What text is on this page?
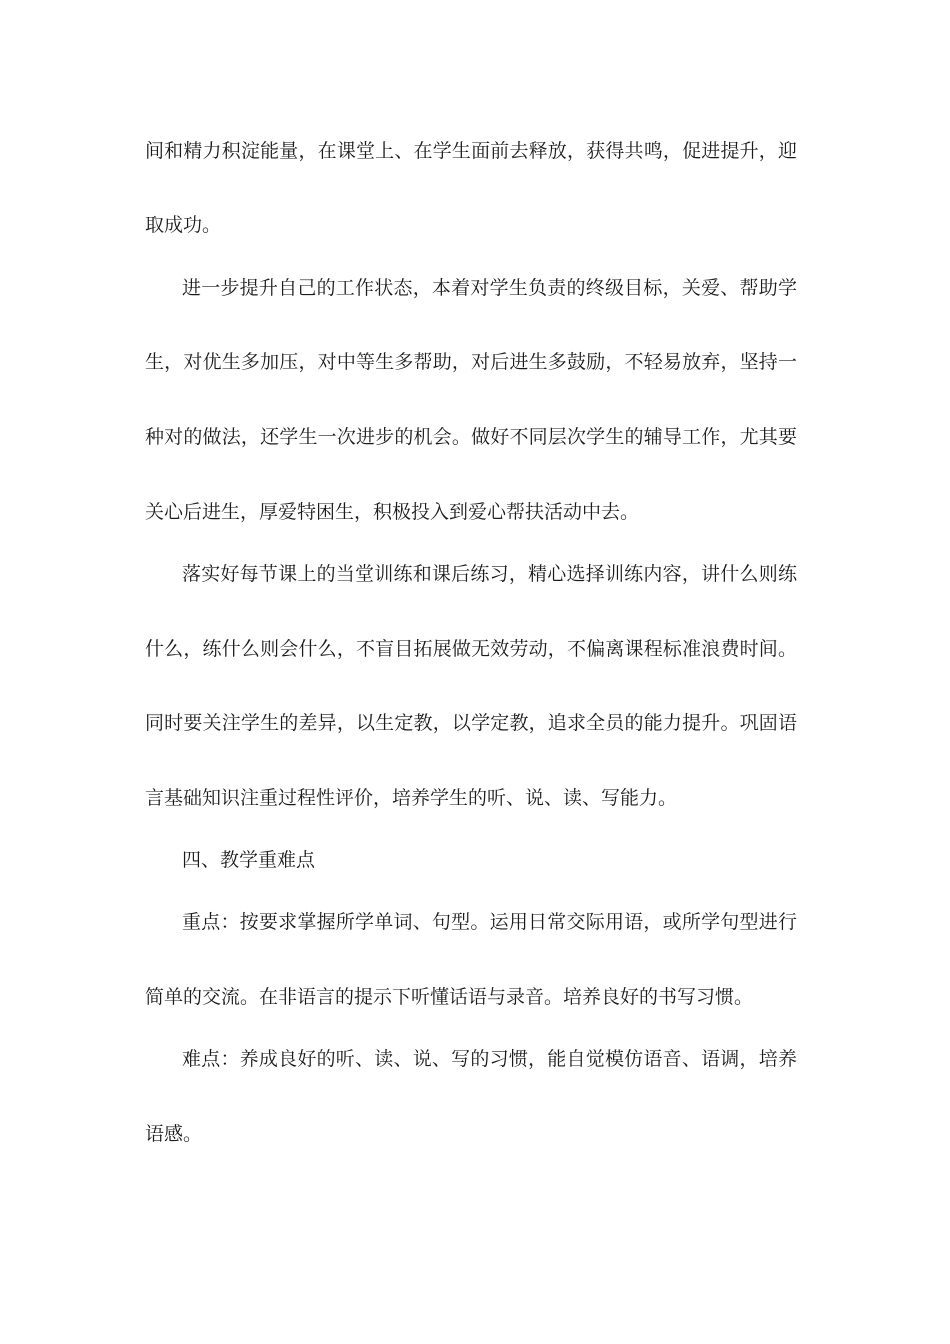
间和精力积淀能量，在课堂上、在学生面前去释放，获得共鸣，促进提升，迎
取成功。
进一步提升自己的工作状态，本着对学生负责的终级目标，关爱、帮助学
生，对优生多加压，对中等生多帮助，对后进生多鼓励，不轻易放弃，坚持一
种对的做法，还学生一次进步的机会。做好不同层次学生的辅导工作，尤其要
关心后进生，厚爱特困生，积极投入到爱心帮扶活动中去。
落实好每节课上的当堂训练和课后练习，精心选择训练内容，讲什么则练
什么，练什么则会什么，不盲目拓展做无效劳动，不偏离课程标准浪费时间。
同时要关注学生的差异，以生定教，以学定教，追求全员的能力提升。巩固语
言基础知识注重过程性评价，培养学生的听、说、读、写能力。
四、教学重难点
重点：按要求掌握所学单词、句型。运用日常交际用语，或所学句型进行
简单的交流。在非语言的提示下听懂话语与录音。培养良好的书写习惯。
难点：养成良好的听、读、说、写的习惯，能自觉模仿语音、语调，培养
语感。
